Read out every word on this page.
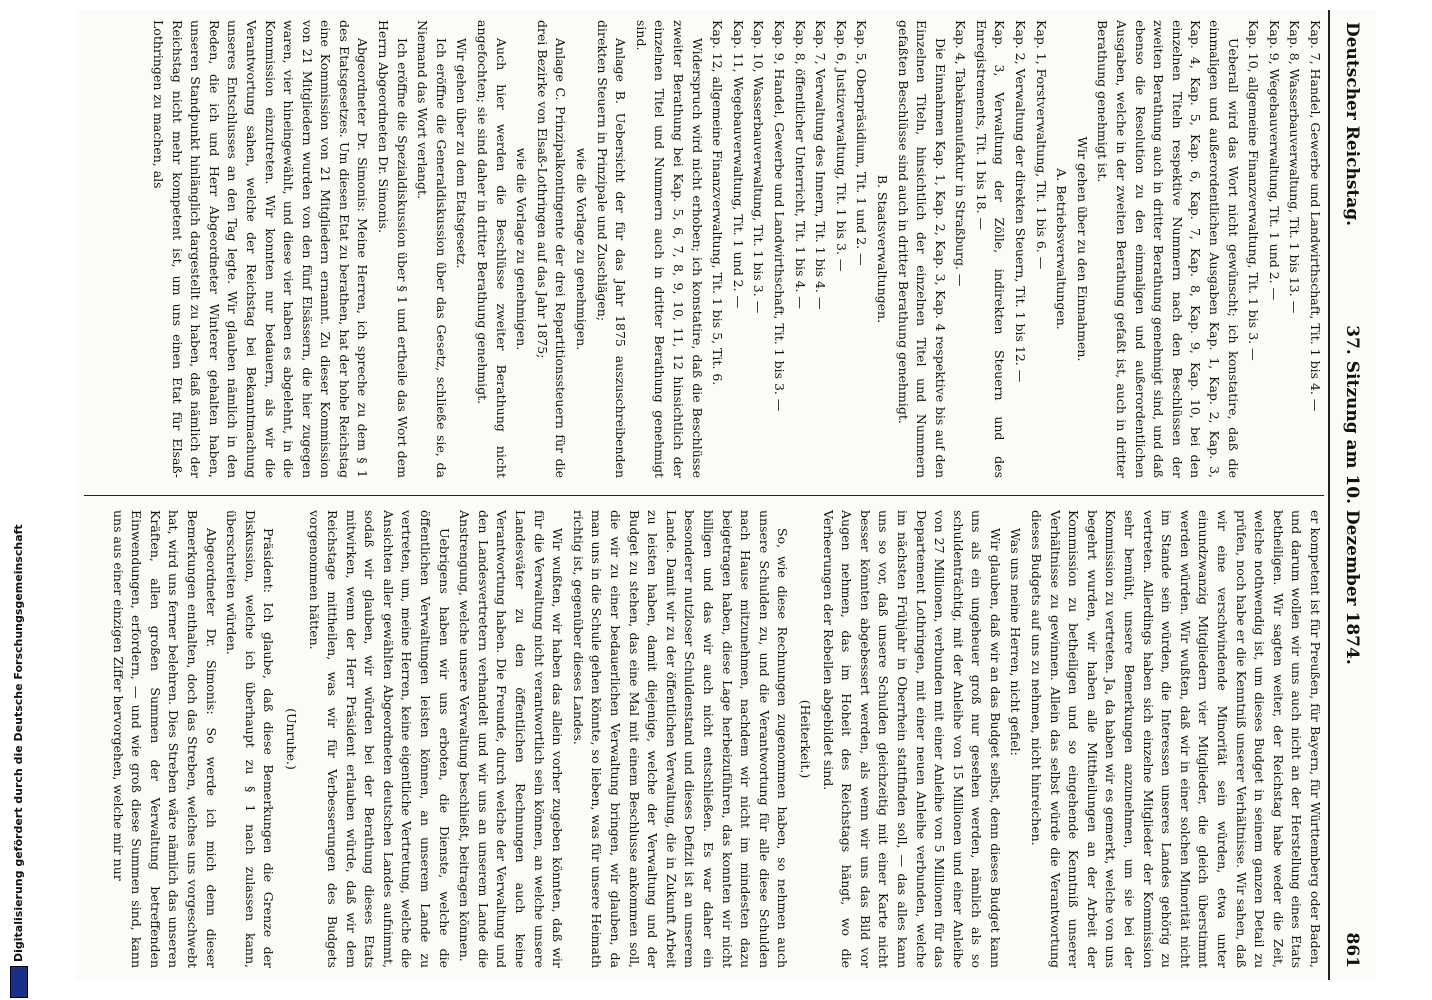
Deutscher Reichstag.
37. Sitzung am 10. Dezember 1874.
861

Kap. 7, Handel, Gewerbe und Landwirthschaft, Tit. 1 bis 4. —

Kap. 8, Wasserbauverwaltung, Tit. 1 bis 13. —

Kap. 9, Wegebauverwaltung, Tit. 1 und 2. —

Kap. 10, allgemeine Finanzverwaltung, Tit. 1 bis 3. —

Ueberall wird das Wort nicht gewünscht; ich konstatire, daß die einmaligen und außerordentlichen Ausgaben Kap. 1, Kap. 2, Kap. 3, Kap. 4, Kap. 5, Kap. 6, Kap. 7, Kap. 8, Kap. 9, Kap. 10, bei den einzelnen Titeln respektive Nummern nach den Beschlüssen der zweiten Berathung auch in dritter Berathung genehmigt sind, und daß ebenso die Resolution zu den einmaligen und außerordentlichen Ausgaben, welche in der zweiten Berathung gefaßt ist, auch in dritter Berathung genehmigt ist.

Wir gehen über zu den Einnahmen.

A. Betriebsverwaltungen.

Kap. 1, Forstverwaltung, Tit. 1 bis 6. —

Kap. 2, Verwaltung der direkten Steuern, Tit. 1 bis 12. —

Kap. 3, Verwaltung der Zölle, indirekten Steuern und des Enregistrements, Tit. 1 bis 18. —

Kap. 4, Tabakmanufaktur in Straßburg. —

Die Einnahmen Kap. 1, Kap. 2, Kap. 3, Kap. 4 respektive bis auf den Einzelnen Titeln, hinsichtlich der einzelnen Titel und Nummern gefaßten Beschlüsse sind auch in dritter Berathung genehmigt.

B. Staatsverwaltungen.

Kap. 5, Oberpräsidium, Tit. 1 und 2. —

Kap. 6, Justizverwaltung, Tit. 1 bis 3. —

Kap. 7, Verwaltung des Innern, Tit. 1 bis 4. —

Kap. 8, öffentlicher Unterricht, Tit. 1 bis 4. —

Kap. 9, Handel, Gewerbe und Landwirthschaft, Tit. 1 bis 3. —

Kap. 10, Wasserbauverwaltung, Tit. 1 bis 3. —

Kap. 11, Wegebauverwaltung, Tit. 1 und 2. —

Kap. 12, allgemeine Finanzverwaltung, Tit. 1 bis 5, Tit. 6.

Widerspruch wird nicht erhoben; ich konstatire, daß die Beschlüsse zweiter Berathung bei Kap. 5, 6, 7, 8, 9, 10, 11, 12 hinsichtlich der einzelnen Titel und Nummern auch in dritter Berathung genehmigt sind.

Anlage B. Uebersicht der für das Jahr 1875 auszuschreibenden direkten Steuern in Prinzipale und Zuschlägen;

wie die Vorlage zu genehmigen.

Anlage C. Prinzipalkontingente der drei Repartitionssteuern für die drei Bezirke von Elsaß-Lothringen auf das Jahr 1875;

wie die Vorlage zu genehmigen.

Auch hier werden die Beschlüsse zweiter Berathung nicht angefochten; sie sind daher in dritter Berathung genehmigt.

Wir gehen über zu dem Etatsgesetz.

Ich eröffne die Generaldiskussion über das Gesetz, schließe sie, da Niemand das Wort verlangt.

Ich eröffne die Spezialdiskussion über § 1 und ertheile das Wort dem Herrn Abgeordneten Dr. Simonis.

Abgeordneter Dr. Simonis: Meine Herren, ich spreche zu dem § 1 des Etatsgesetzes. Um diesen Etat zu berathen, hat der hohe Reichstag eine Kommission von 21 Mitgliedern ernannt. Zu dieser Kommission von 21 Mitgliedern wurden von den fünf Elsässern, die hier zugegen waren, vier hineingewählt, und diese vier haben es abgelehnt, in die Kommission einzutreten. Wir konnten nur bedauern, als wir die Verantwortung sahen, welche der Reichstag bei Bekanntmachung unseres Entschlusses an den Tag legte. Wir glauben nämlich in den Reden, die ich und Herr Abgeordneter Winterer gehalten haben, unseren Standpunkt hinlänglich dargestellt zu haben, daß nämlich der Reichstag nicht mehr kompetent ist, um uns einen Etat für Elsaß-Lothringen zu machen, als

er kompetent ist für Preußen, für Bayern, für Württemberg oder Baden, und darum wollen wir uns auch nicht an der Herstellung eines Etats betheiligen. Wir sagten weiter, der Reichstag habe weder die Zeit, welche nothwendig ist, um dieses Budget in seinem ganzen Detail zu prüfen, noch habe er die Kenntniß unserer Verhältnisse. Wir sahen, daß wir eine verschwindende Minorität sein würden, etwa unter einundzwanzig Mitgliedern vier Mitglieder, die gleich überstimmt werden würden. Wir wußten, daß wir in einer solchen Minorität nicht im Stande sein würden, die Interessen unseres Landes gehörig zu vertreten. Allerdings haben sich einzelne Mitglieder der Kommission sehr bemüht, unsere Bemerkungen anzunehmen, um sie bei der Kommission zu vertreten. Ja, da haben wir es gemerkt, welche von uns begehrt wurden, wir haben alle Mittheilungen an der Arbeit der Kommission zu betheiligen und so eingehende Kenntniß unserer Verhältnisse zu gewinnen. Allein das selbst würde die Verantwortung dieses Budgets auf uns zu nehmen, nicht hinreichen.

Was uns meine Herren, nicht gefiel:

Wir glauben, daß wir an das Budget selbst, denn dieses Budget kann uns als ein ungeheuer groß nur gesehen werden, nämlich als so schuldenträchtig, mit der Anleihe von 15 Millionen und einer Anleihe von 27 Millionen, verbunden mit einer Anleihe von 5 Millionen für das Departement Lothringen, mit einer neuen Anleihe verbunden, welche im nächsten Frühjahr in Oberrhein stattfinden soll, — das alles kann uns so vor, daß unsere Schulden gleichzeitig mit einer Karte nicht besser könnten abgebessert werden, als wenn wir uns das Bild vor Augen nehmen, das im Hoheit des Reichstags hängt, wo die Verheerungen der Rebellen abgebildet sind.

(Heiterkeit.)

So, wie diese Rechnungen zugenommen haben, so nehmen auch unsere Schulden zu, und die Verantwortung für alle diese Schulden nach Hause mitzunehmen, nachdem wir nicht im mindesten dazu beigetragen haben, diese Lage herbeizuführen, das konnten wir nicht billigen und das wir auch nicht entschließen. Es war daher ein besonderer nutzloser Schuldenstand und dieses Defizit ist an unserem Lande. Damit wir zu der öffentlichen Verwaltung, die in Zukunft Arbeit zu leisten haben, damit diejenige, welche der Verwaltung und der Budget zu stehen, das eine Mal mit einem Beschlusse ankommen soll, die wir zu einer bedauerlichen Verwaltung bringen, wir glauben, da man uns in die Schule gehen könnte, so lieben, was für unsere Heimath richtig ist, gegenüber dieses Landes.

Wir wußten, wir haben das allein vorher zugeben könnten, daß wir für die Verwaltung nicht verantwortlich sein können, an welche unsere Landesväter zu den öffentlichen Rechnungen auch keine Verantwortung haben. Die Freunde, durch welche der Verwaltung und den Landesvertretern verhandelt und wir uns an unserem Lande die Anstrengung, welche unsere Verwaltung beschließt, beitragen können.

Uebrigens haben wir uns erboten, die Dienste, welche die öffentlichen Verwaltungen leisten können, an unserem Lande zu vertreten, um, meine Herren, keine eigentliche Vertretung, welche die Ansichten aller gewählten Abgeordneten deutschen Landes aufnimmt, sodaß wir glauben, wir würden bei der Berathung dieses Etats mitwirken, wenn der Herr Präsident erlauben würde, daß wir dem Reichstage mittheilen, was wir für Verbesserungen des Budgets vorgenommen hätten.

(Unruhe.)

Präsident: Ich glaube, daß diese Bemerkungen die Grenze der Diskussion, welche ich überhaupt zu § 1 nach zulassen kann, überschreiten würden.

Abgeordneter Dr. Simonis: So werde ich mich denn dieser Bemerkungen enthalten, doch das Streben, welches uns vorgeschwebt hat, wird uns ferner belehren. Dies Streben wäre nämlich das unseren Kräften, allen großen Summen der Verwaltung betreffenden Einwendungen, erfordern, — und wie groß diese Summen sind, kann uns aus einer einzigen Ziffer hervorgehen, welche mir nur

Digitalisierung gefördert durch die Deutsche Forschungsgemeinschaft
